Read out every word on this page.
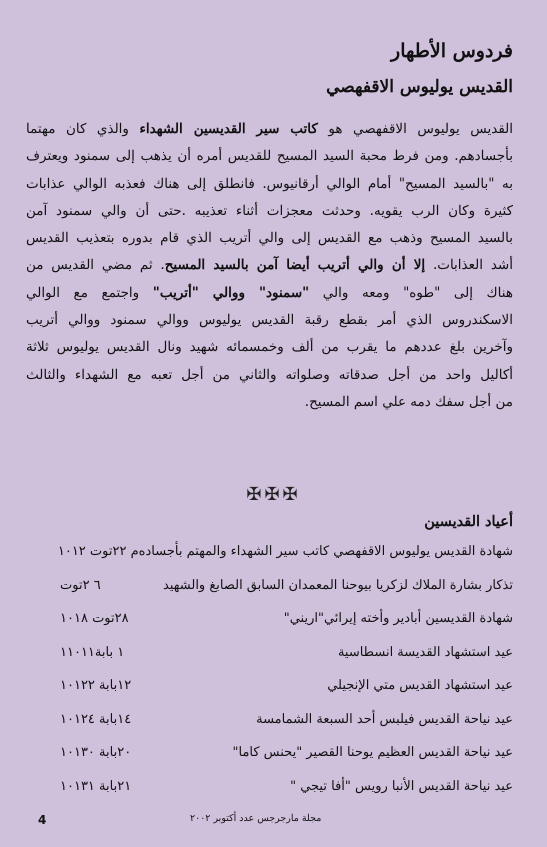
فردوس الأطهار
القديس يوليوس الاقفهصي
القديس يوليوس الاقفهصي هو كاتب سير القديسين الشهداء والذي كان مهتما
بأجسادهم. ومن فرط محبة السيد المسيح للقديس أمره أن يذهب إلى سمنود ويعترف
به "بالسيد المسيح" أمام الوالي أرقانيوس. فانطلق إلى هناك فعذبه الوالي عذابات
كثيرة وكان الرب يقويه. وحدثت معجزات أثناء تعذيبه .حتى أن والي سمنود آمن
بالسيد المسيح وذهب مع القديس إلى والي أتريب الذي قام بدوره بتعذيب القديس
أشد العذابات. إلا أن والي أتريب أيضا آمن بالسيد المسيح. ثم مضي القديس من
هناك إلى "طوه" ومعه والي "سمنود" ووالي "أتريب" واجتمع مع الوالي
الاسكندروس الذي أمر بقطع رقبة القديس يوليوس ووالي سمنود ووالي أتريب
وآخرين بلغ عددهم ما يقرب من ألف وخمسمائه شهيد ونال القديس يوليوس ثلاثة
أكاليل واحد من أجل صدقاته وصلواته والثاني من أجل تعبه مع الشهداء والثالث
من أجل سفك دمه علي اسم المسيح.
✠✠✠
أعياد القديسين
شهادة القديس يوليوس الاقفهصي كاتب سير الشهداء والمهتم بأجساده
م ٢٢توت ١٠١٢
تذكار بشارة الملاك لزكريا بيوحنا المعمدان السابق الصابغ والشهيد
٦ ٢توت
شهادة القديسين أبادير وأخته إيرائي"اريني"
٢٨توت ١٠١٨
عيد استشهاد القديسة انسطاسية
١ بابة١١٠١١
عيد استشهاد القديس متي الإنجيلي
١٢بابة ١٠١٢٢
عيد نياحة القديس فيلبس أحد السبعة الشمامسة
١٤بابة ١٠١٢٤
عيد نياحة القديس العظيم يوحنا القصير "يحنس كاما"
٢٠بابة ١٠١٣٠
عيد نياحة القديس الأنبا رويس "أفا تيجي "
٢١بابة ١٠١٣١
4	مجلة مارجرجس عدد أكتوبر ٢٠٠٢
